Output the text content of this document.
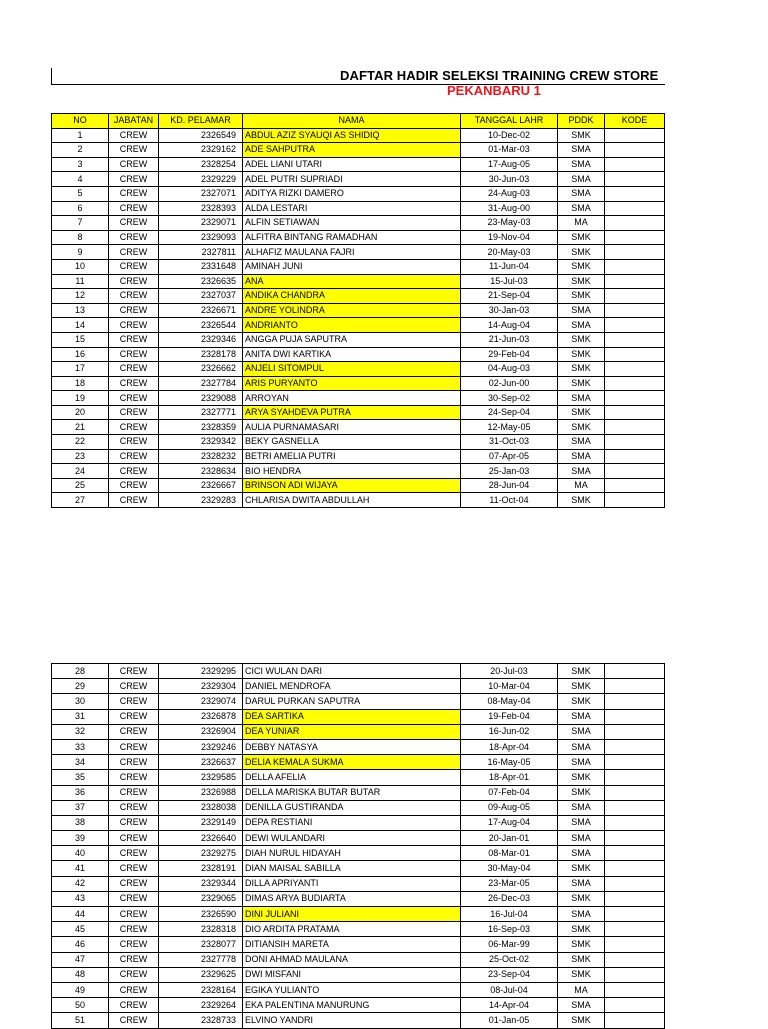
DAFTAR HADIR SELEKSI TRAINING CREW STORE
PEKANBARU 1
NO	JABATAN	KD. PELAMAR	NAMA	TANGGAL LAHR	PDDK	KODE
1	CREW	2326549	ABDUL AZIZ SYAUQI AS SHIDIQ	10-Dec-02	SMK	
2	CREW	2329162	ADE SAHPUTRA	01-Mar-03	SMA	
3	CREW	2328254	ADEL LIANI UTARI	17-Aug-05	SMA	
4	CREW	2329229	ADEL PUTRI SUPRIADI	30-Jun-03	SMA	
5	CREW	2327071	ADITYA RIZKI DAMERO	24-Aug-03	SMA	
6	CREW	2328393	ALDA LESTARI	31-Aug-00	SMA	
7	CREW	2329071	ALFIN SETIAWAN	23-May-03	MA	
8	CREW	2329093	ALFITRA BINTANG RAMADHAN	19-Nov-04	SMK	
9	CREW	2327811	ALHAFIZ MAULANA FAJRI	20-May-03	SMK	
10	CREW	2331648	AMINAH JUNI	11-Jun-04	SMK	
11	CREW	2326635	ANA	15-Jul-03	SMK	
12	CREW	2327037	ANDIKA CHANDRA	21-Sep-04	SMK	
13	CREW	2326671	ANDRE YOLINDRA	30-Jan-03	SMA	
14	CREW	2326544	ANDRIANTO	14-Aug-04	SMA	
15	CREW	2329346	ANGGA PUJA SAPUTRA	21-Jun-03	SMK	
16	CREW	2328178	ANITA DWI KARTIKA	29-Feb-04	SMK	
17	CREW	2326662	ANJELI SITOMPUL	04-Aug-03	SMK	
18	CREW	2327784	ARIS PURYANTO	02-Jun-00	SMK	
19	CREW	2329088	ARROYAN	30-Sep-02	SMA	
20	CREW	2327771	ARYA SYAHDEVA PUTRA	24-Sep-04	SMK	
21	CREW	2328359	AULIA PURNAMASARI	12-May-05	SMK	
22	CREW	2329342	BEKY GASNELLA	31-Oct-03	SMA	
23	CREW	2328232	BETRI AMELIA PUTRI	07-Apr-05	SMA	
24	CREW	2328634	BIO HENDRA	25-Jan-03	SMA	
25	CREW	2326667	BRINSON ADI WIJAYA	28-Jun-04	MA	
27	CREW	2329283	CHLARISA DWITA ABDULLAH	11-Oct-04	SMK	
28	CREW	2329295	CICI WULAN DARI	20-Jul-03	SMK	
29	CREW	2329304	DANIEL MENDROFA	10-Mar-04	SMK	
30	CREW	2329074	DARUL PURKAN SAPUTRA	08-May-04	SMK	
31	CREW	2326878	DEA SARTIKA	19-Feb-04	SMA	
32	CREW	2326904	DEA YUNIAR	16-Jun-02	SMA	
33	CREW	2329246	DEBBY NATASYA	18-Apr-04	SMA	
34	CREW	2326637	DELIA KEMALA SUKMA	16-May-05	SMA	
35	CREW	2329585	DELLA AFELIA	18-Apr-01	SMK	
36	CREW	2326988	DELLA MARISKA BUTAR BUTAR	07-Feb-04	SMK	
37	CREW	2328038	DENILLA GUSTIRANDA	09-Aug-05	SMA	
38	CREW	2329149	DEPA RESTIANI	17-Aug-04	SMA	
39	CREW	2326640	DEWI WULANDARI	20-Jan-01	SMA	
40	CREW	2329275	DIAH NURUL HIDAYAH	08-Mar-01	SMA	
41	CREW	2328191	DIAN MAISAL SABILLA	30-May-04	SMK	
42	CREW	2329344	DILLA APRIYANTI	23-Mar-05	SMA	
43	CREW	2329065	DIMAS ARYA BUDIARTA	26-Dec-03	SMK	
44	CREW	2326590	DINI JULIANI	16-Jul-04	SMA	
45	CREW	2328318	DIO ARDITA PRATAMA	16-Sep-03	SMK	
46	CREW	2328077	DITIANSIH MARETA	06-Mar-99	SMK	
47	CREW	2327778	DONI AHMAD MAULANA	25-Oct-02	SMK	
48	CREW	2329625	DWI MISFANI	23-Sep-04	SMK	
49	CREW	2328164	EGIKA YULIANTO	08-Jul-04	MA	
50	CREW	2329264	EKA PALENTINA MANURUNG	14-Apr-04	SMA	
51	CREW	2328733	ELVINO YANDRI	01-Jan-05	SMK	
